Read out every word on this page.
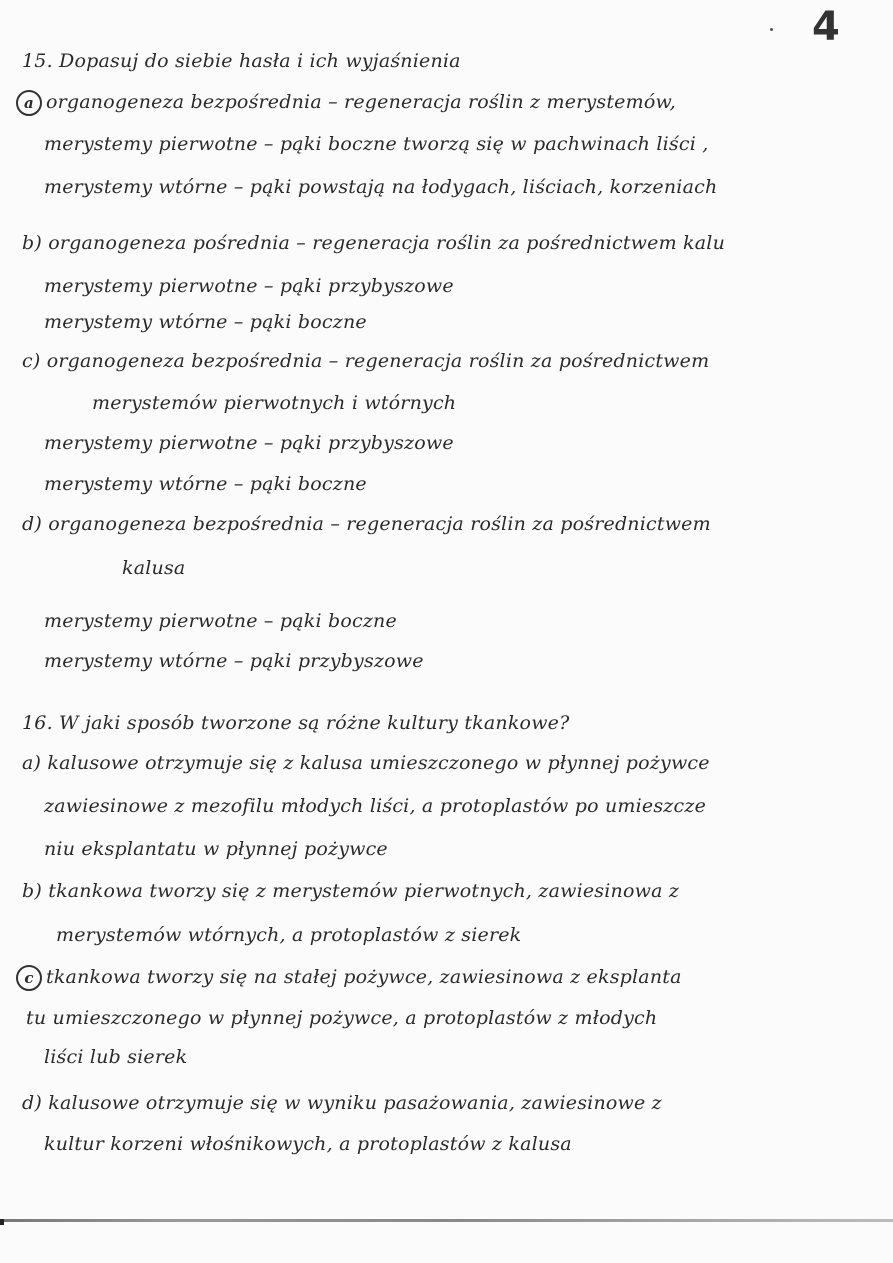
4
15. Dopasuj do siebie hasła i ich wyjaśnienia
a organogeneza bezpośrednia – regeneracja roślin z merystemów,
merystemy pierwotne – pąki boczne tworzą się w pachwinach liści ,
merystemy wtórne – pąki powstają na łodygach, liściach, korzeniach
b) organogeneza pośrednia – regeneracja roślin za pośrednictwem kalu
merystemy pierwotne – pąki przybyszowe
merystemy wtórne – pąki boczne
c) organogeneza bezpośrednia – regeneracja roślin za pośrednictwem
merystemów pierwotnych i wtórnych
merystemy pierwotne – pąki przybyszowe
merystemy wtórne – pąki boczne
d) organogeneza bezpośrednia – regeneracja roślin za pośrednictwem
kalusa
merystemy pierwotne – pąki boczne
merystemy wtórne – pąki przybyszowe
16. W jaki sposób tworzone są różne kultury tkankowe?
a) kalusowe otrzymuje się z kalusa umieszczonego w płynnej pożywce
zawiesinowe z mezofilu młodych liści, a protoplastów po umieszcze
niu eksplantatu w płynnej pożywce
b) tkankowa tworzy się z merystemów pierwotnych, zawiesinowa z
merystemów wtórnych, a protoplastów z sierek
c tkankowa tworzy się na stałej pożywce, zawiesinowa z eksplanta
tu umieszczonego w płynnej pożywce, a protoplastów z młodych
liści lub sierek
d) kalusowe otrzymuje się w wyniku pasażowania, zawiesinowe z
kultur korzeni włośnikowych, a protoplastów z kalusa
